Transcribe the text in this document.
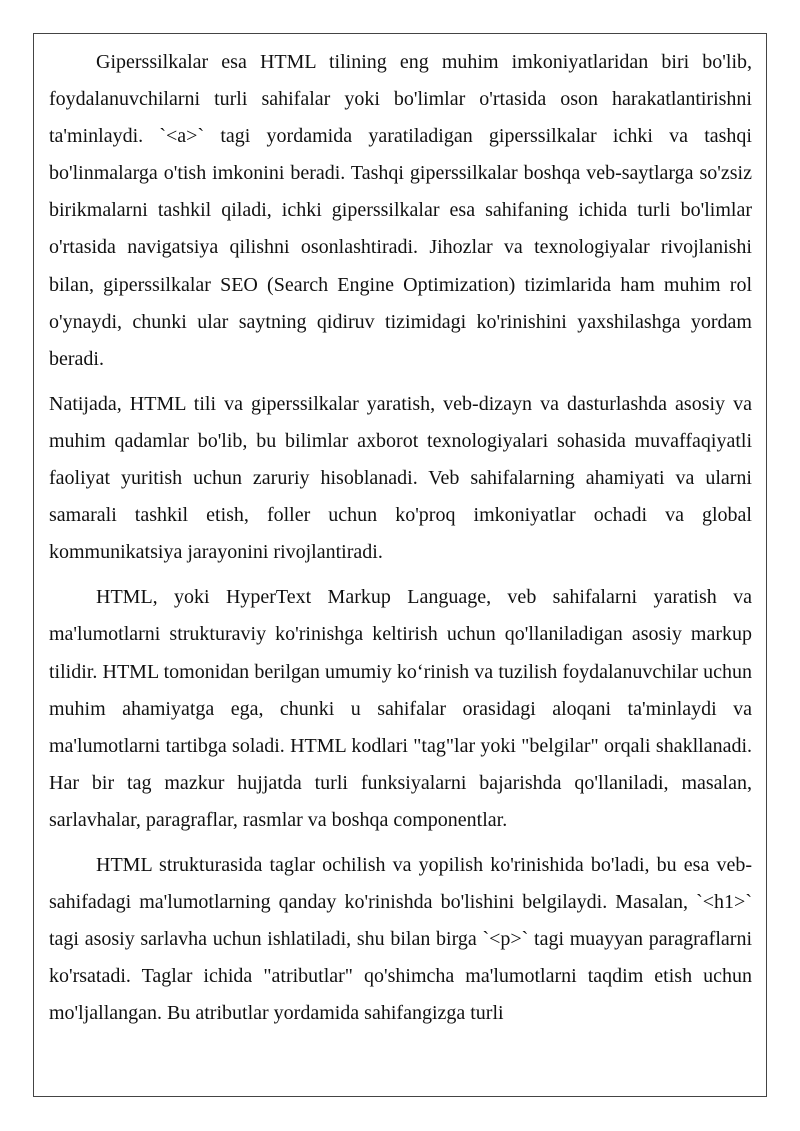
Giperssilkalar esa HTML tilining eng muhim imkoniyatlaridan biri bo'lib, foydalanuvchilarni turli sahifalar yoki bo'limlar o'rtasida oson harakatlantirishni ta'minlaydi. `<a>` tagi yordamida yaratiladigan giperssilkalar ichki va tashqi bo'linmalarga o'tish imkonini beradi. Tashqi giperssilkalar boshqa veb-saytlarga so'zsiz birikmalarni tashkil qiladi, ichki giperssilkalar esa sahifaning ichida turli bo'limlar o'rtasida navigatsiya qilishni osonlashtiradi. Jihozlar va texnologiyalar rivojlanishi bilan, giperssilkalar SEO (Search Engine Optimization) tizimlarida ham muhim rol o'ynaydi, chunki ular saytning qidiruv tizimidagi ko'rinishini yaxshilashga yordam beradi.

Natijada, HTML tili va giperssilkalar yaratish, veb-dizayn va dasturlashda asosiy va muhim qadamlar bo'lib, bu bilimlar axborot texnologiyalari sohasida muvaffaqiyatli faoliyat yuritish uchun zaruriy hisoblanadi. Veb sahifalarning ahamiyati va ularni samarali tashkil etish, foller uchun ko'proq imkoniyatlar ochadi va global kommunikatsiya jarayonini rivojlantiradi.

HTML, yoki HyperText Markup Language, veb sahifalarni yaratish va ma'lumotlarni strukturaviy ko'rinishga keltirish uchun qo'llaniladigan asosiy markup tilidir. HTML tomonidan berilgan umumiy ko‘rinish va tuzilish foydalanuvchilar uchun muhim ahamiyatga ega, chunki u sahifalar orasidagi aloqani ta'minlaydi va ma'lumotlarni tartibga soladi. HTML kodlari "tag"lar yoki "belgilar" orqali shakllanadi. Har bir tag mazkur hujjatda turli funksiyalarni bajarishda qo'llaniladi, masalan, sarlavhalar, paragraflar, rasmlar va boshqa componentlar.

HTML strukturasida taglar ochilish va yopilish ko'rinishida bo'ladi, bu esa veb-sahifadagi ma'lumotlarning qanday ko'rinishda bo'lishini belgilaydi. Masalan, `<h1>` tagi asosiy sarlavha uchun ishlatiladi, shu bilan birga `<p>` tagi muayyan paragraflarni ko'rsatadi. Taglar ichida "atributlar" qo'shimcha ma'lumotlarni taqdim etish uchun mo'ljallangan. Bu atributlar yordamida sahifangizga turli
